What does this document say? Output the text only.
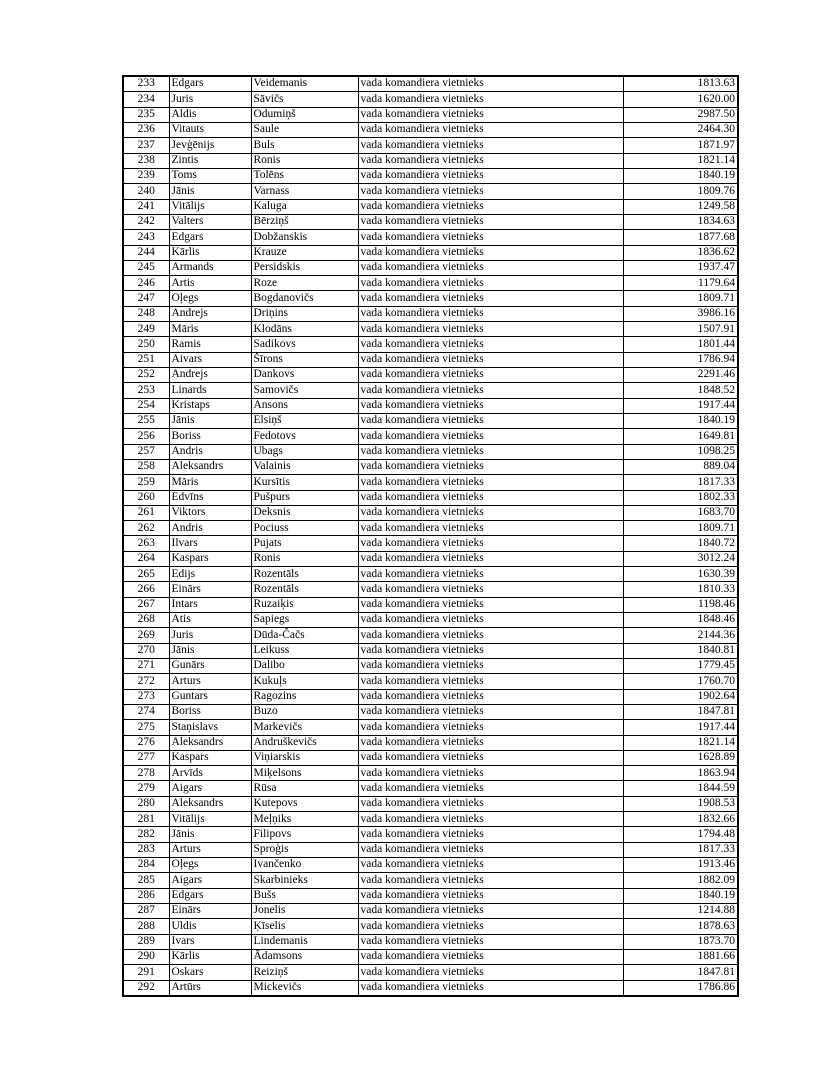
233	Edgars	Veidemanis	vada komandiera vietnieks	1813.63
234	Juris	Sāvičs	vada komandiera vietnieks	1620.00
235	Aldis	Odumiņš	vada komandiera vietnieks	2987.50
236	Vitauts	Saule	vada komandiera vietnieks	2464.30
237	Jevģēnijs	Buls	vada komandiera vietnieks	1871.97
238	Zintis	Ronis	vada komandiera vietnieks	1821.14
239	Toms	Tolēns	vada komandiera vietnieks	1840.19
240	Jānis	Varnass	vada komandiera vietnieks	1809.76
241	Vitālijs	Kaluga	vada komandiera vietnieks	1249.58
242	Valters	Bērziņš	vada komandiera vietnieks	1834.63
243	Edgars	Dobžanskis	vada komandiera vietnieks	1877.68
244	Kārlis	Krauze	vada komandiera vietnieks	1836.62
245	Armands	Persidskis	vada komandiera vietnieks	1937.47
246	Artis	Roze	vada komandiera vietnieks	1179.64
247	Oļegs	Bogdanovičs	vada komandiera vietnieks	1809.71
248	Andrejs	Driņins	vada komandiera vietnieks	3986.16
249	Māris	Klodāns	vada komandiera vietnieks	1507.91
250	Ramis	Sadikovs	vada komandiera vietnieks	1801.44
251	Aivars	Šīrons	vada komandiera vietnieks	1786.94
252	Andrejs	Dankovs	vada komandiera vietnieks	2291.46
253	Linards	Samovičs	vada komandiera vietnieks	1848.52
254	Kristaps	Ansons	vada komandiera vietnieks	1917.44
255	Jānis	Elsiņš	vada komandiera vietnieks	1840.19
256	Boriss	Fedotovs	vada komandiera vietnieks	1649.81
257	Andris	Ubags	vada komandiera vietnieks	1098.25
258	Aleksandrs	Valainis	vada komandiera vietnieks	889.04
259	Māris	Kursītis	vada komandiera vietnieks	1817.33
260	Edvīns	Pušpurs	vada komandiera vietnieks	1802.33
261	Viktors	Deksnis	vada komandiera vietnieks	1683.70
262	Andris	Pociuss	vada komandiera vietnieks	1809.71
263	Ilvars	Pujats	vada komandiera vietnieks	1840.72
264	Kaspars	Ronis	vada komandiera vietnieks	3012.24
265	Edijs	Rozentāls	vada komandiera vietnieks	1630.39
266	Einārs	Rozentāls	vada komandiera vietnieks	1810.33
267	Intars	Ruzaiķis	vada komandiera vietnieks	1198.46
268	Atis	Sapiegs	vada komandiera vietnieks	1848.46
269	Juris	Dūda-Čačs	vada komandiera vietnieks	2144.36
270	Jānis	Leikuss	vada komandiera vietnieks	1840.81
271	Gunārs	Dalibo	vada komandiera vietnieks	1779.45
272	Arturs	Kukuļs	vada komandiera vietnieks	1760.70
273	Guntars	Ragozins	vada komandiera vietnieks	1902.64
274	Boriss	Buzo	vada komandiera vietnieks	1847.81
275	Staņislavs	Markevičs	vada komandiera vietnieks	1917.44
276	Aleksandrs	Andruškevičs	vada komandiera vietnieks	1821.14
277	Kaspars	Viņiarskis	vada komandiera vietnieks	1628.89
278	Arvīds	Miķelsons	vada komandiera vietnieks	1863.94
279	Aigars	Rūsa	vada komandiera vietnieks	1844.59
280	Aleksandrs	Kutepovs	vada komandiera vietnieks	1908.53
281	Vitālijs	Meļņiks	vada komandiera vietnieks	1832.66
282	Jānis	Filipovs	vada komandiera vietnieks	1794.48
283	Arturs	Sproģis	vada komandiera vietnieks	1817.33
284	Oļegs	Ivančenko	vada komandiera vietnieks	1913.46
285	Aigars	Skarbinieks	vada komandiera vietnieks	1882.09
286	Edgars	Bušs	vada komandiera vietnieks	1840.19
287	Einārs	Jonelis	vada komandiera vietnieks	1214.88
288	Uldis	Ķīselis	vada komandiera vietnieks	1878.63
289	Ivars	Lindemanis	vada komandiera vietnieks	1873.70
290	Kārlis	Ādamsons	vada komandiera vietnieks	1881.66
291	Oskars	Reiziņš	vada komandiera vietnieks	1847.81
292	Artūrs	Mickevičs	vada komandiera vietnieks	1786.86
